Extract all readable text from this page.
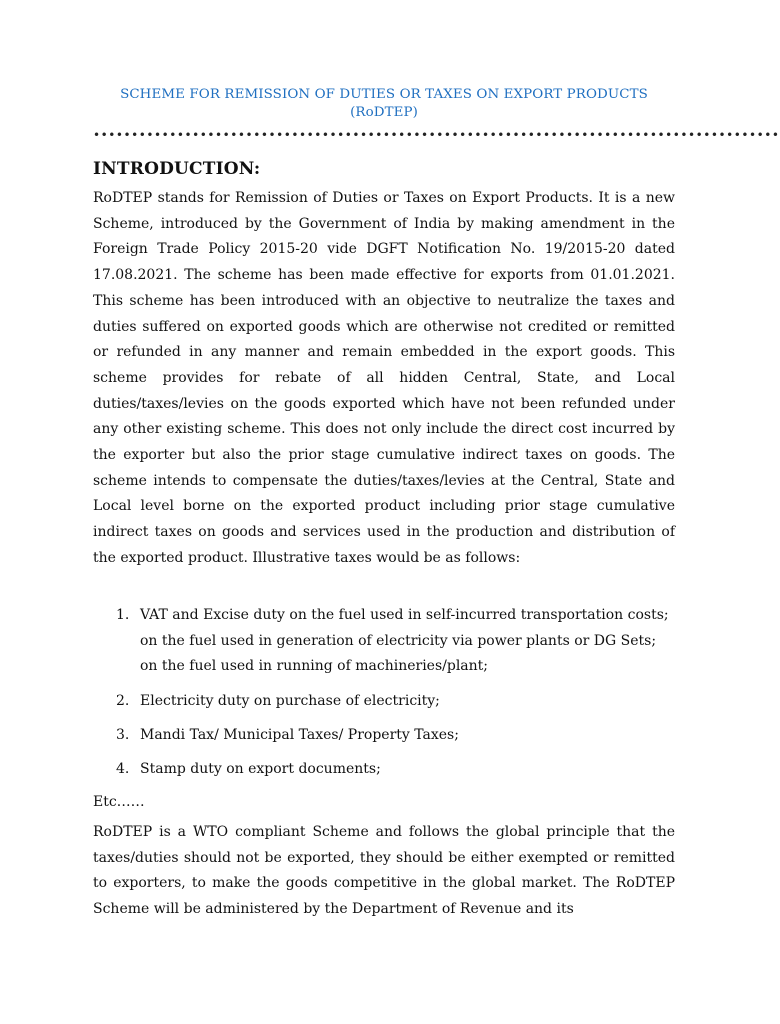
SCHEME FOR REMISSION OF DUTIES OR TAXES ON EXPORT PRODUCTS
(RoDTEP)
••••••••••••••••••••••••••••••••••••••••••••••••••••••••••••••••••••••••••••••••••••••••••
INTRODUCTION:

RoDTEP stands for Remission of Duties or Taxes on Export Products. It is a new Scheme, introduced by the Government of India by making amendment in the Foreign Trade Policy 2015-20 vide DGFT Notification No. 19/2015-20 dated 17.08.2021. The scheme has been made effective for exports from 01.01.2021. This scheme has been introduced with an objective to neutralize the taxes and duties suffered on exported goods which are otherwise not credited or remitted or refunded in any manner and remain embedded in the export goods. This scheme provides for rebate of all hidden Central, State, and Local duties/taxes/levies on the goods exported which have not been refunded under any other existing scheme. This does not only include the direct cost incurred by the exporter but also the prior stage cumulative indirect taxes on goods. The scheme intends to compensate the duties/taxes/levies at the Central, State and Local level borne on the exported product including prior stage cumulative indirect taxes on goods and services used in the production and distribution of the exported product. Illustrative taxes would be as follows:

1. VAT and Excise duty on the fuel used in self-incurred transportation costs; on the fuel used in generation of electricity via power plants or DG Sets; on the fuel used in running of machineries/plant;
2. Electricity duty on purchase of electricity;
3. Mandi Tax/ Municipal Taxes/ Property Taxes;
4. Stamp duty on export documents;

Etc……

RoDTEP is a WTO compliant Scheme and follows the global principle that the taxes/duties should not be exported, they should be either exempted or remitted to exporters, to make the goods competitive in the global market. The RoDTEP Scheme will be administered by the Department of Revenue and its
